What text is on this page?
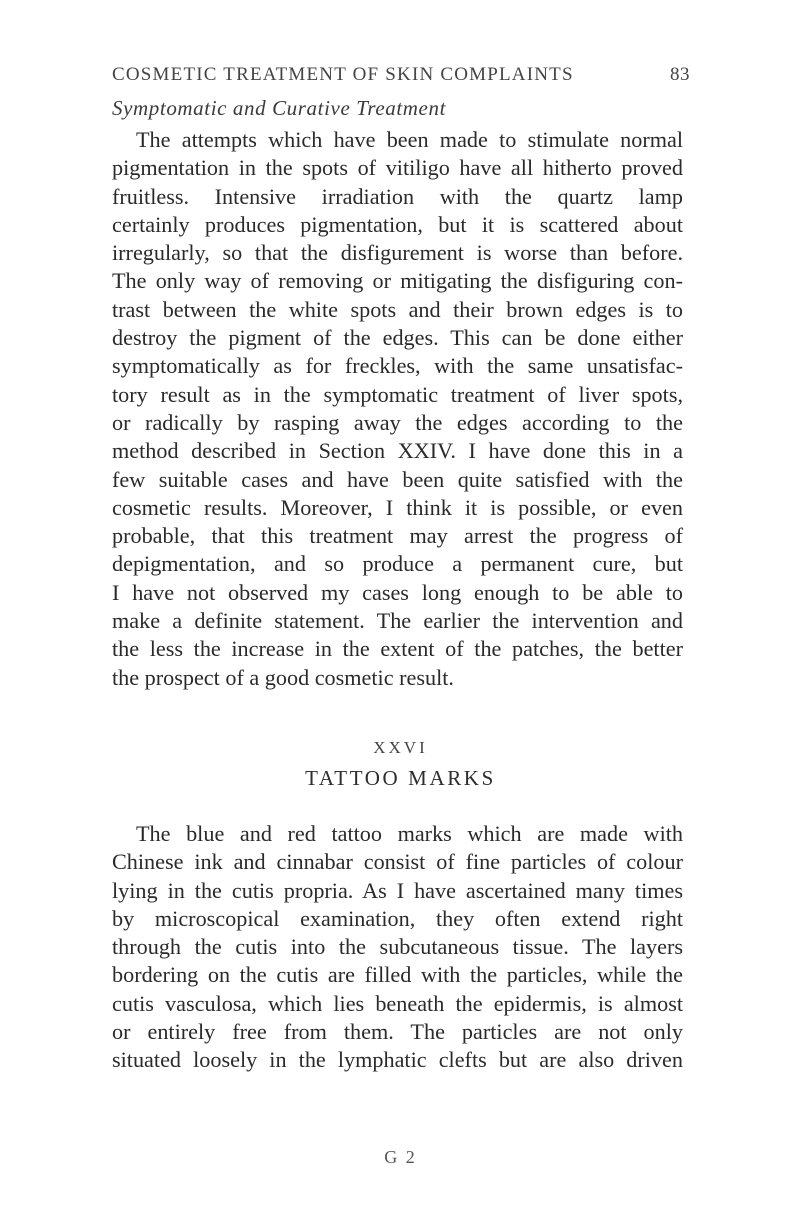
COSMETIC TREATMENT OF SKIN COMPLAINTS	83
Symptomatic and Curative Treatment
The attempts which have been made to stimulate normal
pigmentation in the spots of vitiligo have all hitherto proved
fruitless. Intensive irradiation with the quartz lamp
certainly produces pigmentation, but it is scattered about
irregularly, so that the disfigurement is worse than before.
The only way of removing or mitigating the disfiguring con-
trast between the white spots and their brown edges is to
destroy the pigment of the edges. This can be done either
symptomatically as for freckles, with the same unsatisfac-
tory result as in the symptomatic treatment of liver spots,
or radically by rasping away the edges according to the
method described in Section XXIV. I have done this in a
few suitable cases and have been quite satisfied with the
cosmetic results. Moreover, I think it is possible, or even
probable, that this treatment may arrest the progress of
depigmentation, and so produce a permanent cure, but
I have not observed my cases long enough to be able to
make a definite statement. The earlier the intervention and
the less the increase in the extent of the patches, the better
the prospect of a good cosmetic result.
XXVI
TATTOO MARKS
The blue and red tattoo marks which are made with
Chinese ink and cinnabar consist of fine particles of colour
lying in the cutis propria. As I have ascertained many times
by microscopical examination, they often extend right
through the cutis into the subcutaneous tissue. The layers
bordering on the cutis are filled with the particles, while the
cutis vasculosa, which lies beneath the epidermis, is almost
or entirely free from them. The particles are not only
situated loosely in the lymphatic clefts but are also driven
G 2
